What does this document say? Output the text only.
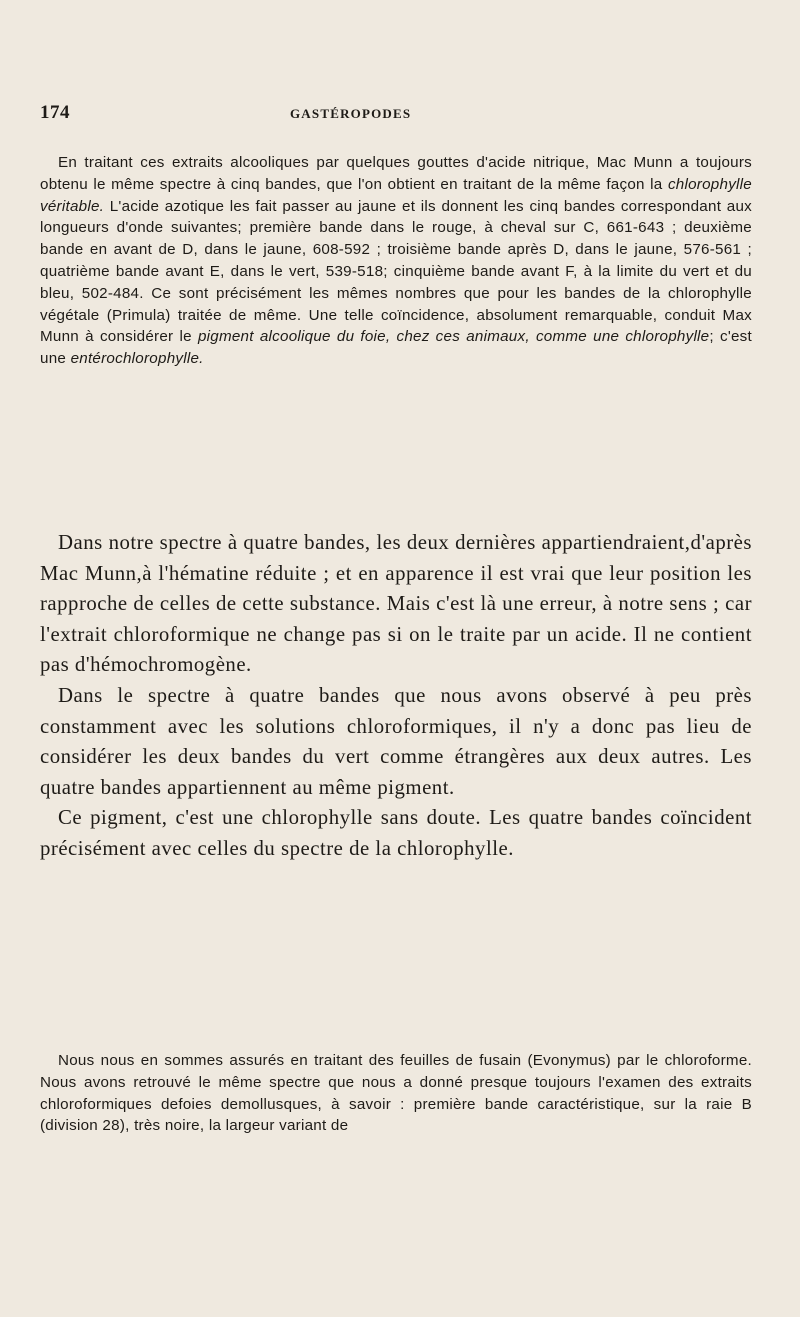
174	GASTÉROPODES

En traitant ces extraits alcooliques par quelques gouttes d'acide nitrique, Mac Munn a toujours obtenu le même spectre à cinq bandes, que l'on obtient en traitant de la même façon la chlorophylle véritable. L'acide azotique les fait passer au jaune et ils donnent les cinq bandes correspondant aux longueurs d'onde suivantes; première bande dans le rouge, à cheval sur C, 661-643 ; deuxième bande en avant de D, dans le jaune, 608-592 ; troisième bande après D, dans le jaune, 576-561 ; quatrième bande avant E, dans le vert, 539-518; cinquième bande avant F, à la limite du vert et du bleu, 502-484. Ce sont précisément les mêmes nombres que pour les bandes de la chlorophylle végétale (Primula) traitée de même. Une telle coïncidence, absolument remarquable, conduit Max Munn à considérer le pigment alcoolique du foie, chez ces animaux, comme une chlorophylle; c'est une entérochlorophylle.

Dans notre spectre à quatre bandes, les deux dernières appartiendraient,d'après Mac Munn,à l'hématine réduite ; et en apparence il est vrai que leur position les rapproche de celles de cette substance. Mais c'est là une erreur, à notre sens ; car l'extrait chloroformique ne change pas si on le traite par un acide. Il ne contient pas d'hémochromogène.

Dans le spectre à quatre bandes que nous avons observé à peu près constamment avec les solutions chloroformiques, il n'y a donc pas lieu de considérer les deux bandes du vert comme étrangères aux deux autres. Les quatre bandes appartiennent au même pigment.

Ce pigment, c'est une chlorophylle sans doute. Les quatre bandes coïncident précisément avec celles du spectre de la chlorophylle.

Nous nous en sommes assurés en traitant des feuilles de fusain (Evonymus) par le chloroforme. Nous avons retrouvé le même spectre que nous a donné presque toujours l'examen des extraits chloroformiques defoies demollusques, à savoir : première bande caractéristique, sur la raie B (division 28), très noire, la largeur variant de
